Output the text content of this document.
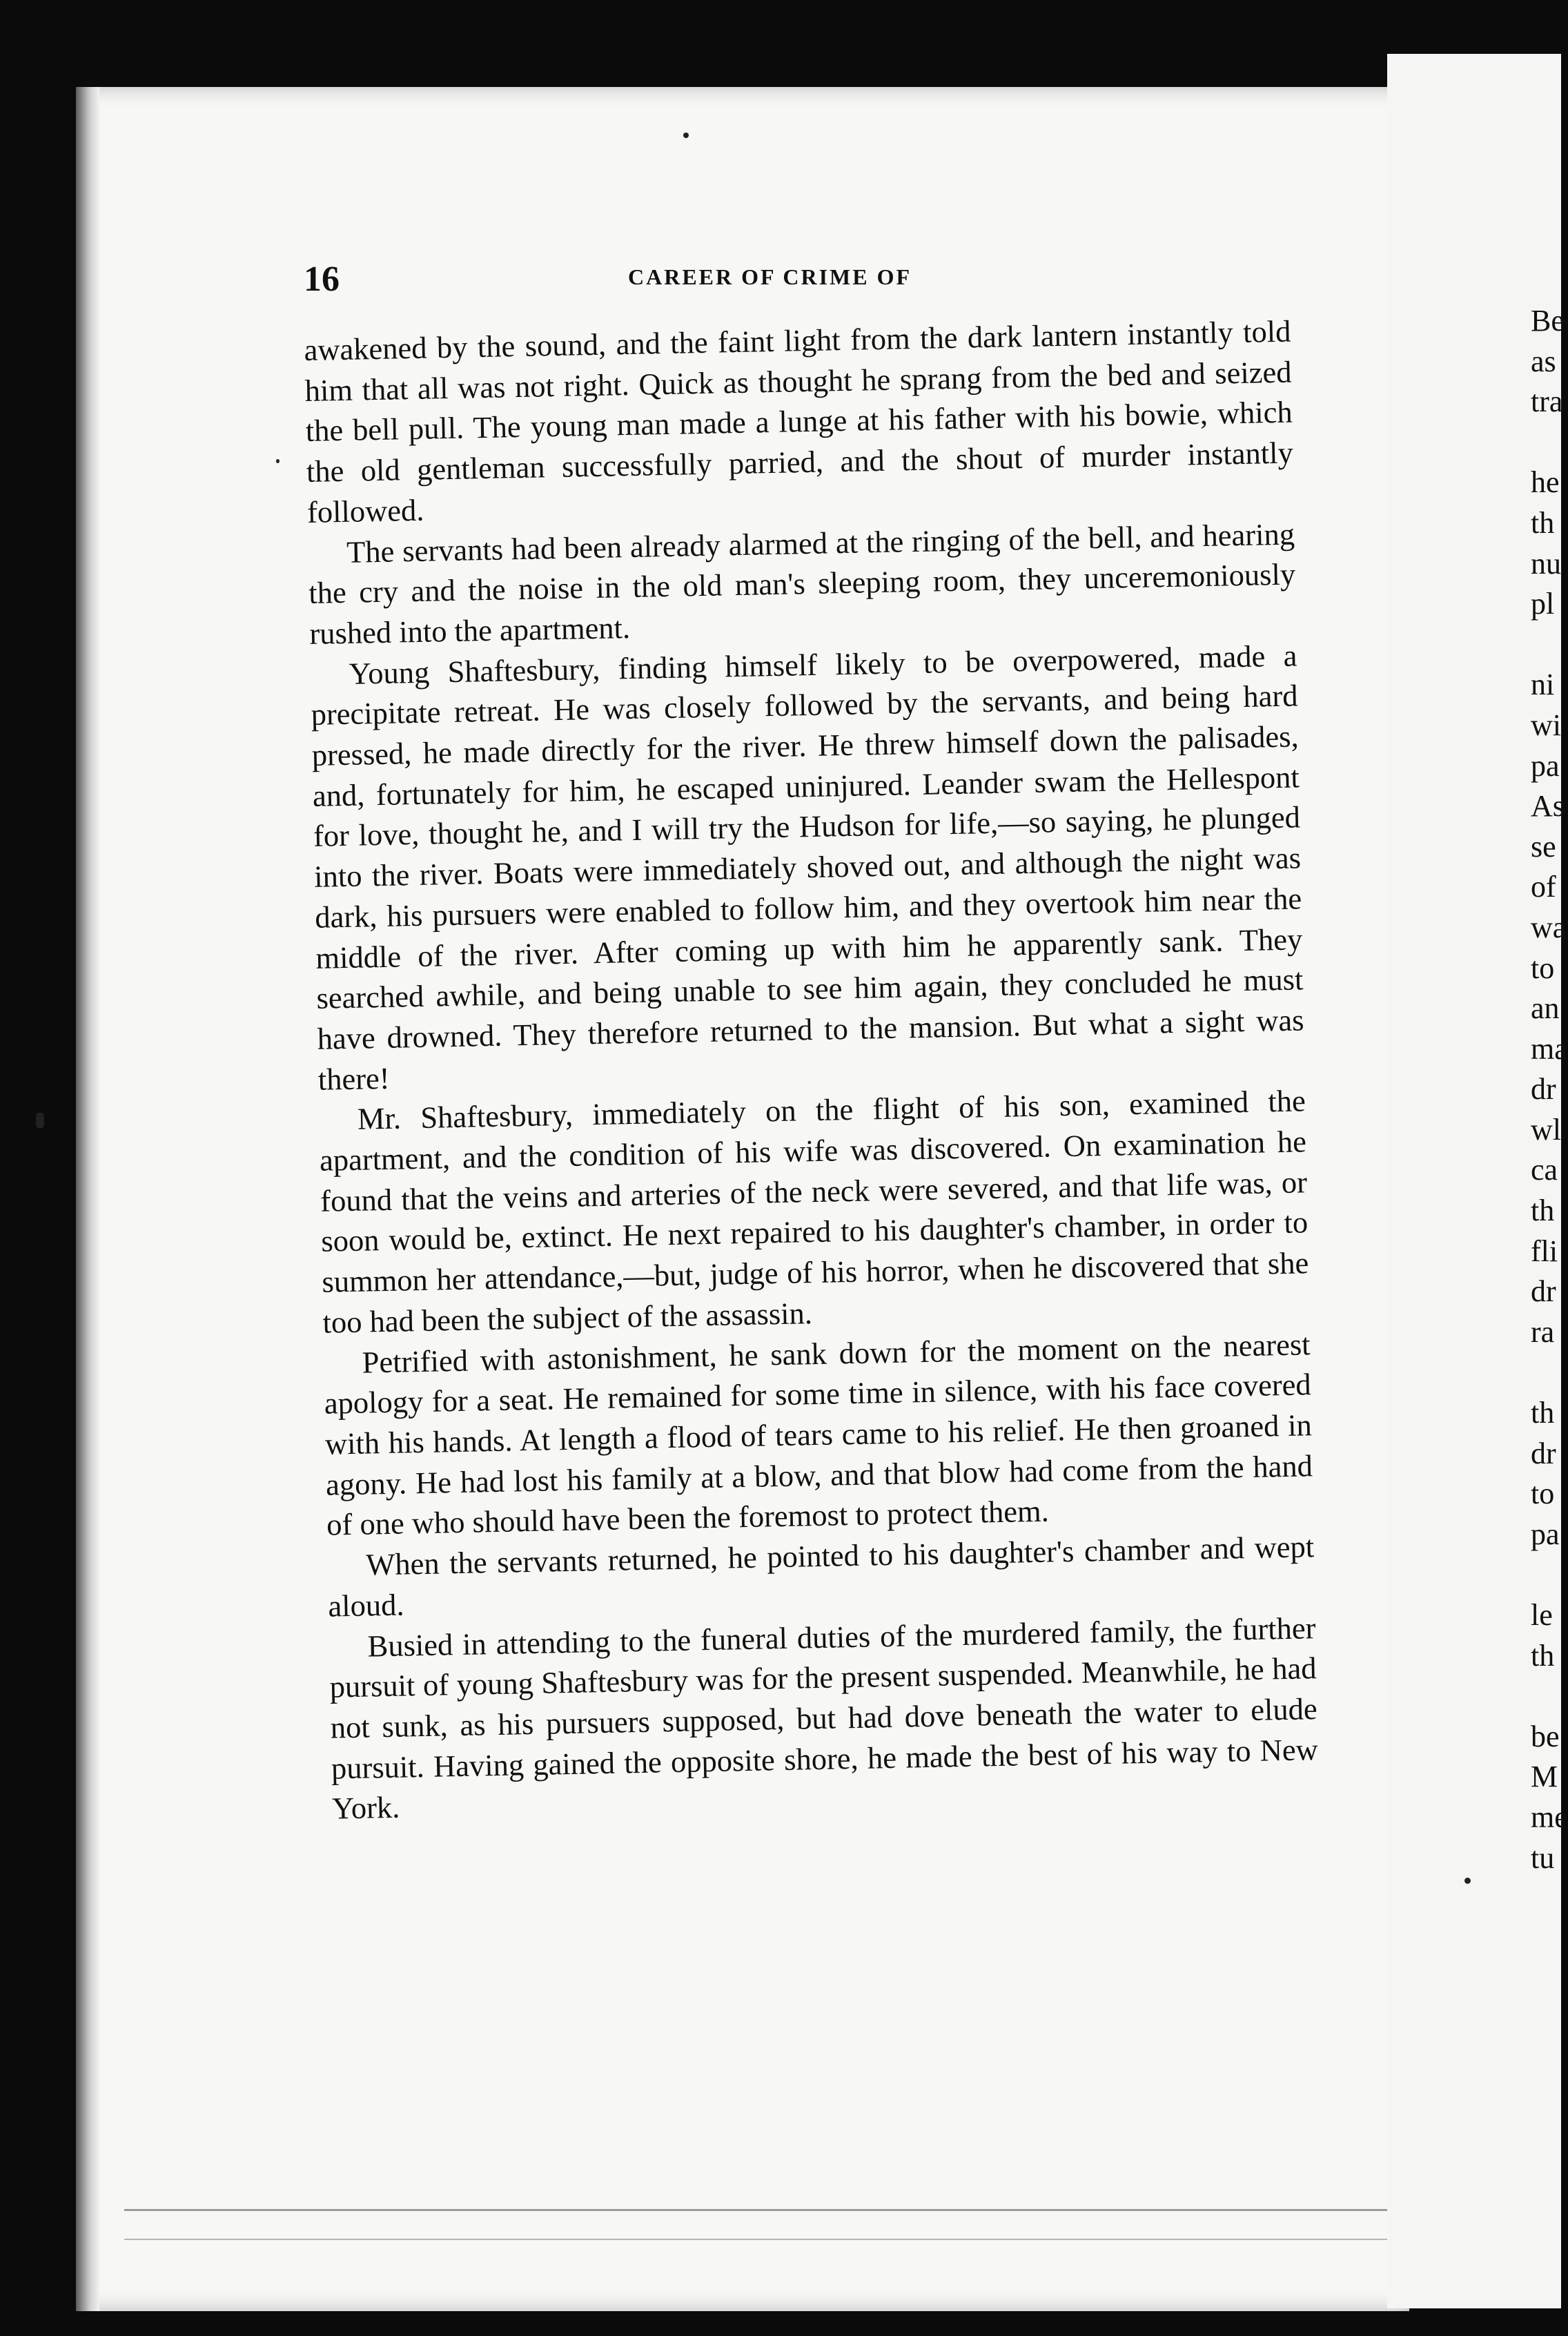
16	CAREER OF CRIME OF

awakened by the sound, and the faint light from the dark lantern instantly told him that all was not right. Quick as thought he sprang from the bed and seized the bell pull. The young man made a lunge at his father with his bowie, which the old gentleman successfully parried, and the shout of murder instantly followed.

The servants had been already alarmed at the ringing of the bell, and hearing the cry and the noise in the old man's sleeping room, they unceremoniously rushed into the apartment.

Young Shaftesbury, finding himself likely to be overpowered, made a precipitate retreat. He was closely followed by the servants, and being hard pressed, he made directly for the river. He threw himself down the palisades, and, fortunately for him, he escaped uninjured. Leander swam the Hellespont for love, thought he, and I will try the Hudson for life,—so saying, he plunged into the river. Boats were immediately shoved out, and although the night was dark, his pursuers were enabled to follow him, and they overtook him near the middle of the river. After coming up with him he apparently sank. They searched awhile, and being unable to see him again, they concluded he must have drowned. They therefore returned to the mansion. But what a sight was there!

Mr. Shaftesbury, immediately on the flight of his son, examined the apartment, and the condition of his wife was discovered. On examination he found that the veins and arteries of the neck were severed, and that life was, or soon would be, extinct. He next repaired to his daughter's chamber, in order to summon her attendance,—but, judge of his horror, when he discovered that she too had been the subject of the assassin.

Petrified with astonishment, he sank down for the moment on the nearest apology for a seat. He remained for some time in silence, with his face covered with his hands. At length a flood of tears came to his relief. He then groaned in agony. He had lost his family at a blow, and that blow had come from the hand of one who should have been the foremost to protect them.

When the servants returned, he pointed to his daughter's chamber and wept aloud.

Busied in attending to the funeral duties of the murdered family, the further pursuit of young Shaftesbury was for the present suspended. Meanwhile, he had not sunk, as his pursuers supposed, but had dove beneath the water to elude pursuit. Having gained the opposite shore, he made the best of his way to New York.

Be
as
tra
he
th
nu
pl
ni
wi
pa
As
se
of
wa
to
an
ma
dr
wl
ca
th
fli
dr
ra
th
dr
to
pa
le
th
be
M
me
tu
